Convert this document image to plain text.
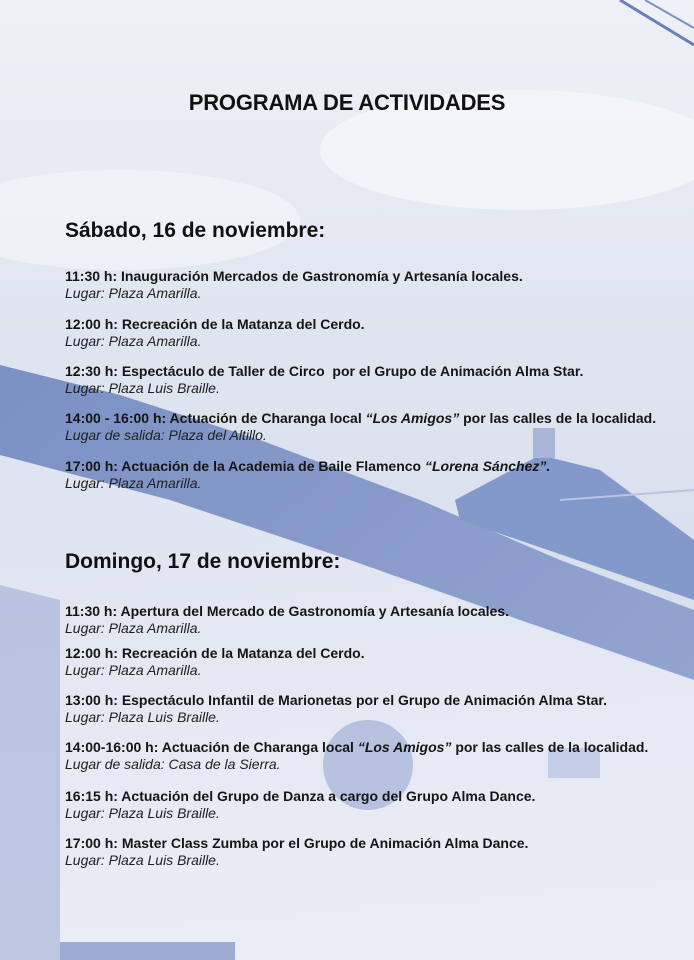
PROGRAMA DE ACTIVIDADES
Sábado, 16 de noviembre:
11:30 h: Inauguración Mercados de Gastronomía y Artesanía locales.
Lugar: Plaza Amarilla.
12:00 h: Recreación de la Matanza del Cerdo.
Lugar: Plaza Amarilla.
12:30 h: Espectáculo de Taller de Circo  por el Grupo de Animación Alma Star.
Lugar: Plaza Luis Braille.
14:00 - 16:00 h: Actuación de Charanga local “Los Amigos” por las calles de la localidad.
Lugar de salida: Plaza del Altillo.
17:00 h: Actuación de la Academia de Baile Flamenco “Lorena Sánchez”.
Lugar: Plaza Amarilla.
Domingo, 17 de noviembre:
11:30 h: Apertura del Mercado de Gastronomía y Artesanía locales.
Lugar: Plaza Amarilla.
12:00 h: Recreación de la Matanza del Cerdo.
Lugar: Plaza Amarilla.
13:00 h: Espectáculo Infantil de Marionetas por el Grupo de Animación Alma Star.
Lugar: Plaza Luis Braille.
14:00-16:00 h: Actuación de Charanga local “Los Amigos” por las calles de la localidad.
Lugar de salida: Casa de la Sierra.
16:15 h: Actuación del Grupo de Danza a cargo del Grupo Alma Dance.
Lugar: Plaza Luis Braille.
17:00 h: Master Class Zumba por el Grupo de Animación Alma Dance.
Lugar: Plaza Luis Braille.
